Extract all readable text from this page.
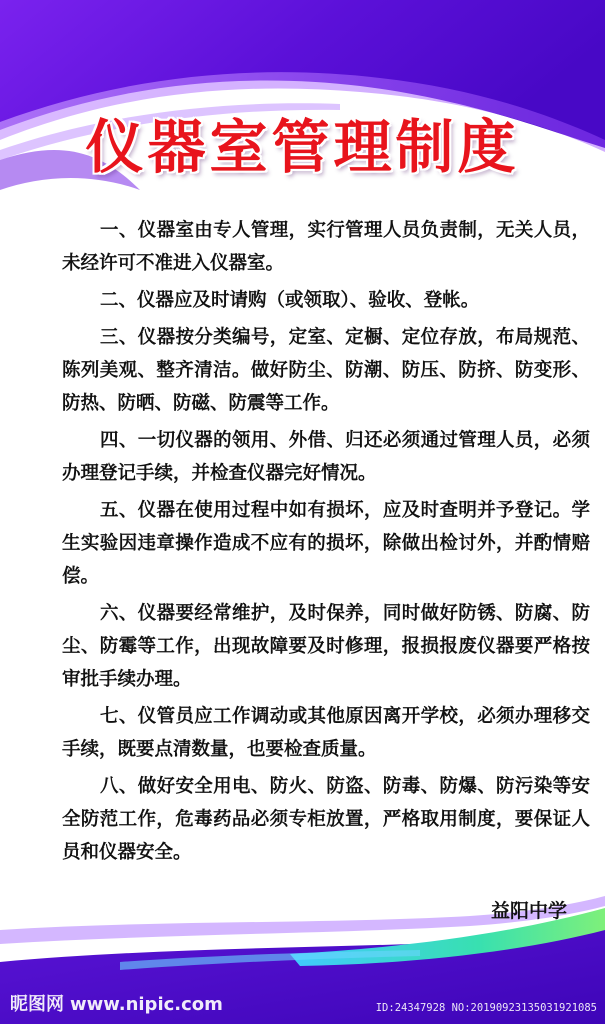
仪器室管理制度
一、仪器室由专人管理，实行管理人员负责制，无关人员，未经许可不准进入仪器室。
二、仪器应及时请购（或领取）、验收、登帐。
三、仪器按分类编号，定室、定橱、定位存放，布局规范、陈列美观、整齐清洁。做好防尘、防潮、防压、防挤、防变形、防热、防晒、防磁、防震等工作。
四、一切仪器的领用、外借、归还必须通过管理人员，必须办理登记手续，并检查仪器完好情况。
五、仪器在使用过程中如有损坏，应及时查明并予登记。学生实验因违章操作造成不应有的损坏，除做出检讨外，并酌情赔偿。
六、仪器要经常维护，及时保养，同时做好防锈、防腐、防尘、防霉等工作，出现故障要及时修理，报损报废仪器要严格按审批手续办理。
七、仪管员应工作调动或其他原因离开学校，必须办理移交手续，既要点清数量，也要检查质量。
八、做好安全用电、防火、防盗、防毒、防爆、防污染等安全防范工作，危毒药品必须专柜放置，严格取用制度，要保证人员和仪器安全。
益阳中学
昵图网 www.nipic.com	ID:24347928 NO:20190923135031921085
